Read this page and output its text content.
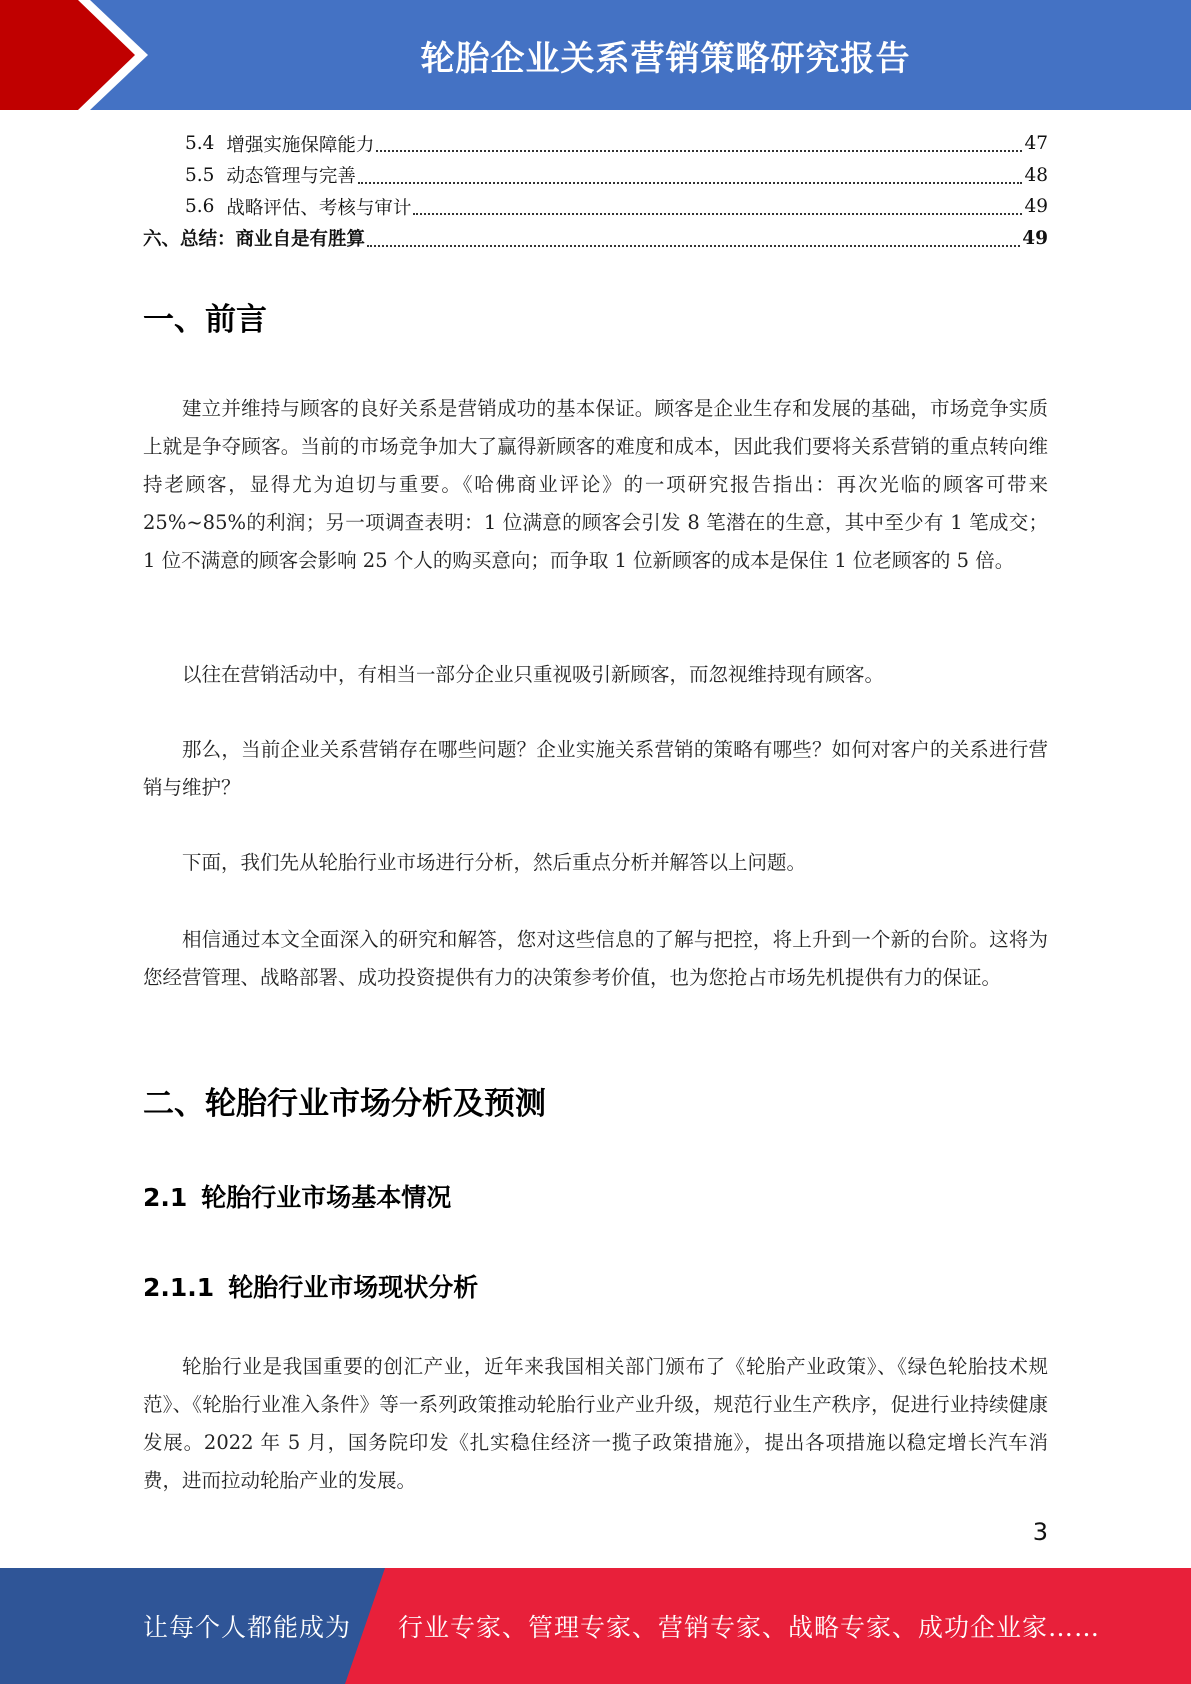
轮胎企业关系营销策略研究报告
5.4 增强实施保障能力	47
5.5 动态管理与完善	48
5.6 战略评估、考核与审计	49
六、总结：商业自是有胜算	49
一、前言

建立并维持与顾客的良好关系是营销成功的基本保证。顾客是企业生存和发展的基础，市场竞争实质上就是争夺顾客。当前的市场竞争加大了赢得新顾客的难度和成本，因此我们要将关系营销的重点转向维持老顾客，显得尤为迫切与重要。《哈佛商业评论》的一项研究报告指出：再次光临的顾客可带来25%~85%的利润；另一项调查表明：1 位满意的顾客会引发 8 笔潜在的生意，其中至少有 1 笔成交；1 位不满意的顾客会影响 25 个人的购买意向；而争取 1 位新顾客的成本是保住 1 位老顾客的 5 倍。

以往在营销活动中，有相当一部分企业只重视吸引新顾客，而忽视维持现有顾客。

那么，当前企业关系营销存在哪些问题？企业实施关系营销的策略有哪些？如何对客户的关系进行营销与维护？

下面，我们先从轮胎行业市场进行分析，然后重点分析并解答以上问题。

相信通过本文全面深入的研究和解答，您对这些信息的了解与把控，将上升到一个新的台阶。这将为您经营管理、战略部署、成功投资提供有力的决策参考价值，也为您抢占市场先机提供有力的保证。

二、轮胎行业市场分析及预测
2.1 轮胎行业市场基本情况
2.1.1 轮胎行业市场现状分析

轮胎行业是我国重要的创汇产业，近年来我国相关部门颁布了《轮胎产业政策》、《绿色轮胎技术规范》、《轮胎行业准入条件》等一系列政策推动轮胎行业产业升级，规范行业生产秩序，促进行业持续健康发展。2022 年 5 月，国务院印发《扎实稳住经济一揽子政策措施》，提出各项措施以稳定增长汽车消费，进而拉动轮胎产业的发展。

3
让每个人都能成为 行业专家、管理专家、营销专家、战略专家、成功企业家……
